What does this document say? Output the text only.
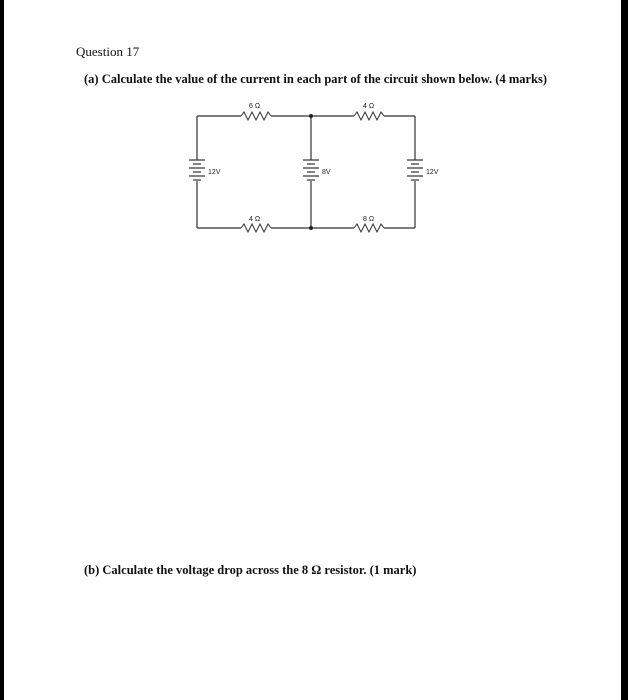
Question 17
(a) Calculate the value of the current in each part of the circuit shown below. (4 marks)
6 Ω	4 Ω
4 Ω	8 Ω
12V	8V	12V
(b) Calculate the voltage drop across the 8 Ω resistor. (1 mark)
